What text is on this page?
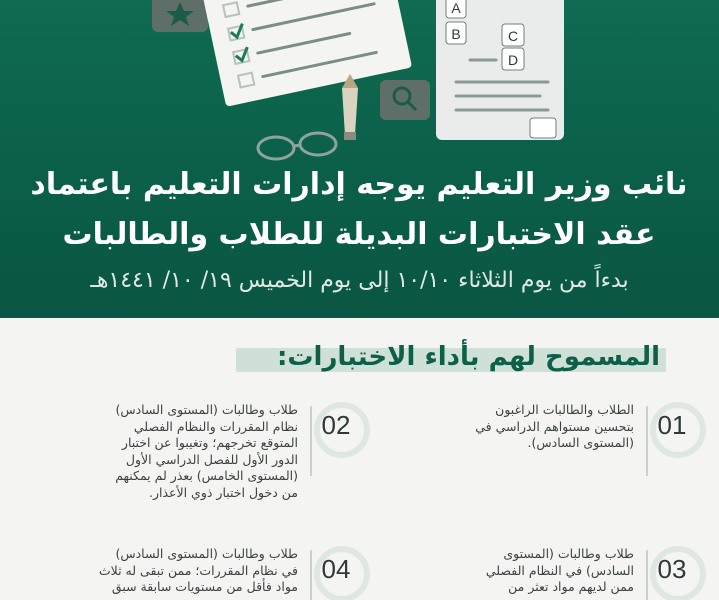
A
B	C
D
نائب وزير التعليم يوجه إدارات التعليم باعتماد
عقد الاختبارات البديلة للطلاب والطالبات
بدءاً من يوم الثلاثاء ١٠/١٠ إلى يوم الخميس ١٩/ ١٠/ ١٤٤١هـ
المسموح لهم بأداء الاختبارات:
01
الطلاب والطالبات الراغبون
بتحسين مستواهم الدراسي في
(المستوى السادس).
02
طلاب وطالبات (المستوى السادس)
نظام المقررات والنظام الفصلي
المتوقع تخرجهم؛ وتغيبوا عن اختبار
الدور الأول للفصل الدراسي الأول
(المستوى الخامس) بعذر لم يمكنهم
من دخول اختبار ذوي الأعذار.
03
طلاب وطالبات (المستوى
السادس) في النظام الفصلي
ممن لديهم مواد تعثر من
04
طلاب وطالبات (المستوى السادس)
في نظام المقررات؛ ممن تبقى له ثلاث
مواد فأقل من مستويات سابقة سبق
